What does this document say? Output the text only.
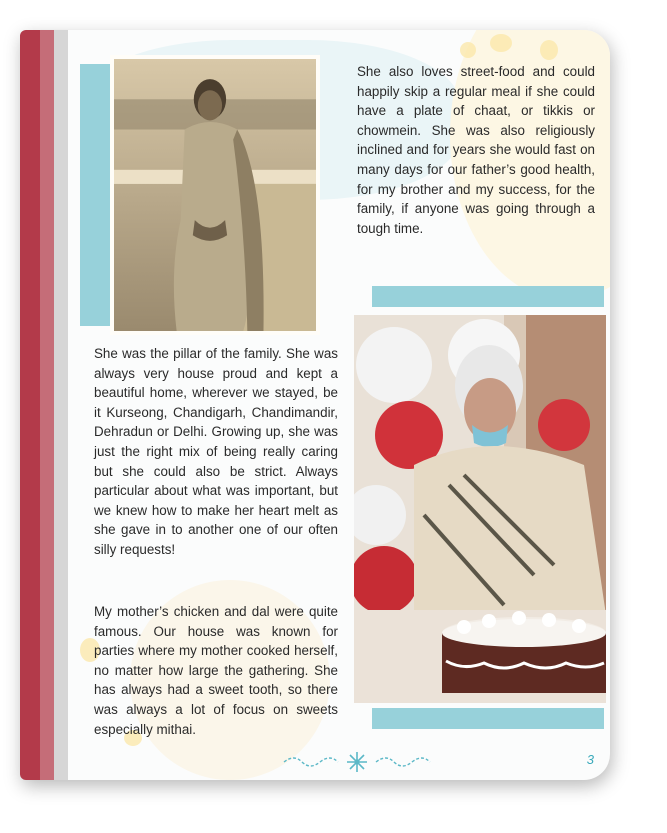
She also loves street-food and could happily skip a regular meal if she could have a plate of chaat, or tikkis or chowmein. She was also religiously inclined and for years she would fast on many days for our father’s good health, for my brother and my success, for the family, if anyone was going through a tough time.

She was the pillar of the family. She was always very house proud and kept a beautiful home, wherever we stayed, be it Kurseong, Chandigarh, Chandimandir, Dehradun or Delhi. Growing up, she was just the right mix of being really caring but she could also be strict. Always particular about what was important, but we knew how to make her heart melt as she gave in to another one of our often silly requests!

My mother’s chicken and dal were quite famous. Our house was known for parties where my mother cooked herself, no matter how large the gathering. She has always had a sweet tooth, so there was always a lot of focus on sweets especially mithai.

3
